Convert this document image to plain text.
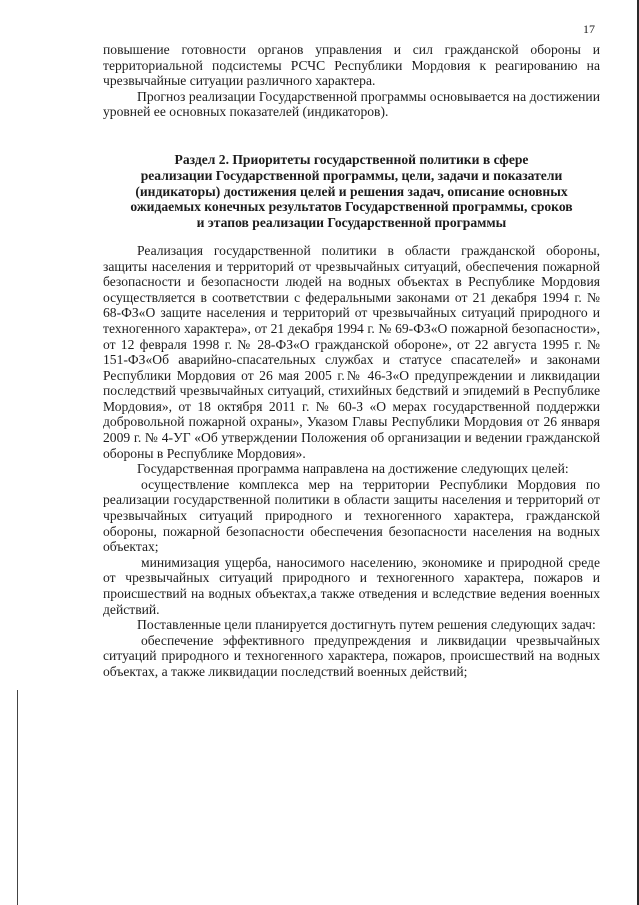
17

повышение готовности органов управления и сил гражданской обороны и территориальной подсистемы РСЧС Республики Мордовия к реагированию на чрезвычайные ситуации различного характера.

Прогноз реализации Государственной программы основывается на достижении уровней ее основных показателей (индикаторов).

Раздел 2. Приоритеты государственной политики в сфере
реализации Государственной программы, цели, задачи и показатели
(индикаторы) достижения целей и решения задач, описание основных
ожидаемых конечных результатов Государственной программы, сроков
и этапов реализации Государственной программы

Реализация государственной политики в области гражданской обороны, защиты населения и территорий от чрезвычайных ситуаций, обеспечения пожарной безопасности и безопасности людей на водных объектах в Республике Мордовия осуществляется в соответствии с федеральными законами от 21 декабря 1994 г. № 68-ФЗ«О защите населения и территорий от чрезвычайных ситуаций природного и техногенного характера», от 21 декабря 1994 г. № 69-ФЗ«О пожарной безопасности», от 12 февраля 1998 г. № 28-ФЗ«О гражданской обороне», от 22 августа 1995 г. № 151-ФЗ«Об аварийно-спасательных службах и статусе спасателей» и законами Республики Мордовия от 26 мая 2005 г.№ 46-З«О предупреждении и ликвидации последствий чрезвычайных ситуаций, стихийных бедствий и эпидемий в Республике Мордовия», от 18 октября 2011 г. № 60-З «О мерах государственной поддержки добровольной пожарной охраны», Указом Главы Республики Мордовия от 26 января 2009 г. № 4-УГ «Об утверждении Положения об организации и ведении гражданской обороны в Республике Мордовия».

Государственная программа направлена на достижение следующих целей:

осуществление комплекса мер на территории Республики Мордовия по реализации государственной политики в области защиты населения и территорий от чрезвычайных ситуаций природного и техногенного характера, гражданской обороны, пожарной безопасности обеспечения безопасности населения на водных объектах;

минимизация ущерба, наносимого населению, экономике и природной среде от чрезвычайных ситуаций природного и техногенного характера, пожаров и происшествий на водных объектах,а также отведения и вследствие ведения военных действий.

Поставленные цели планируется достигнуть путем решения следующих задач:

обеспечение эффективного предупреждения и ликвидации чрезвычайных ситуаций природного и техногенного характера, пожаров, происшествий на водных объектах, а также ликвидации последствий военных действий;
